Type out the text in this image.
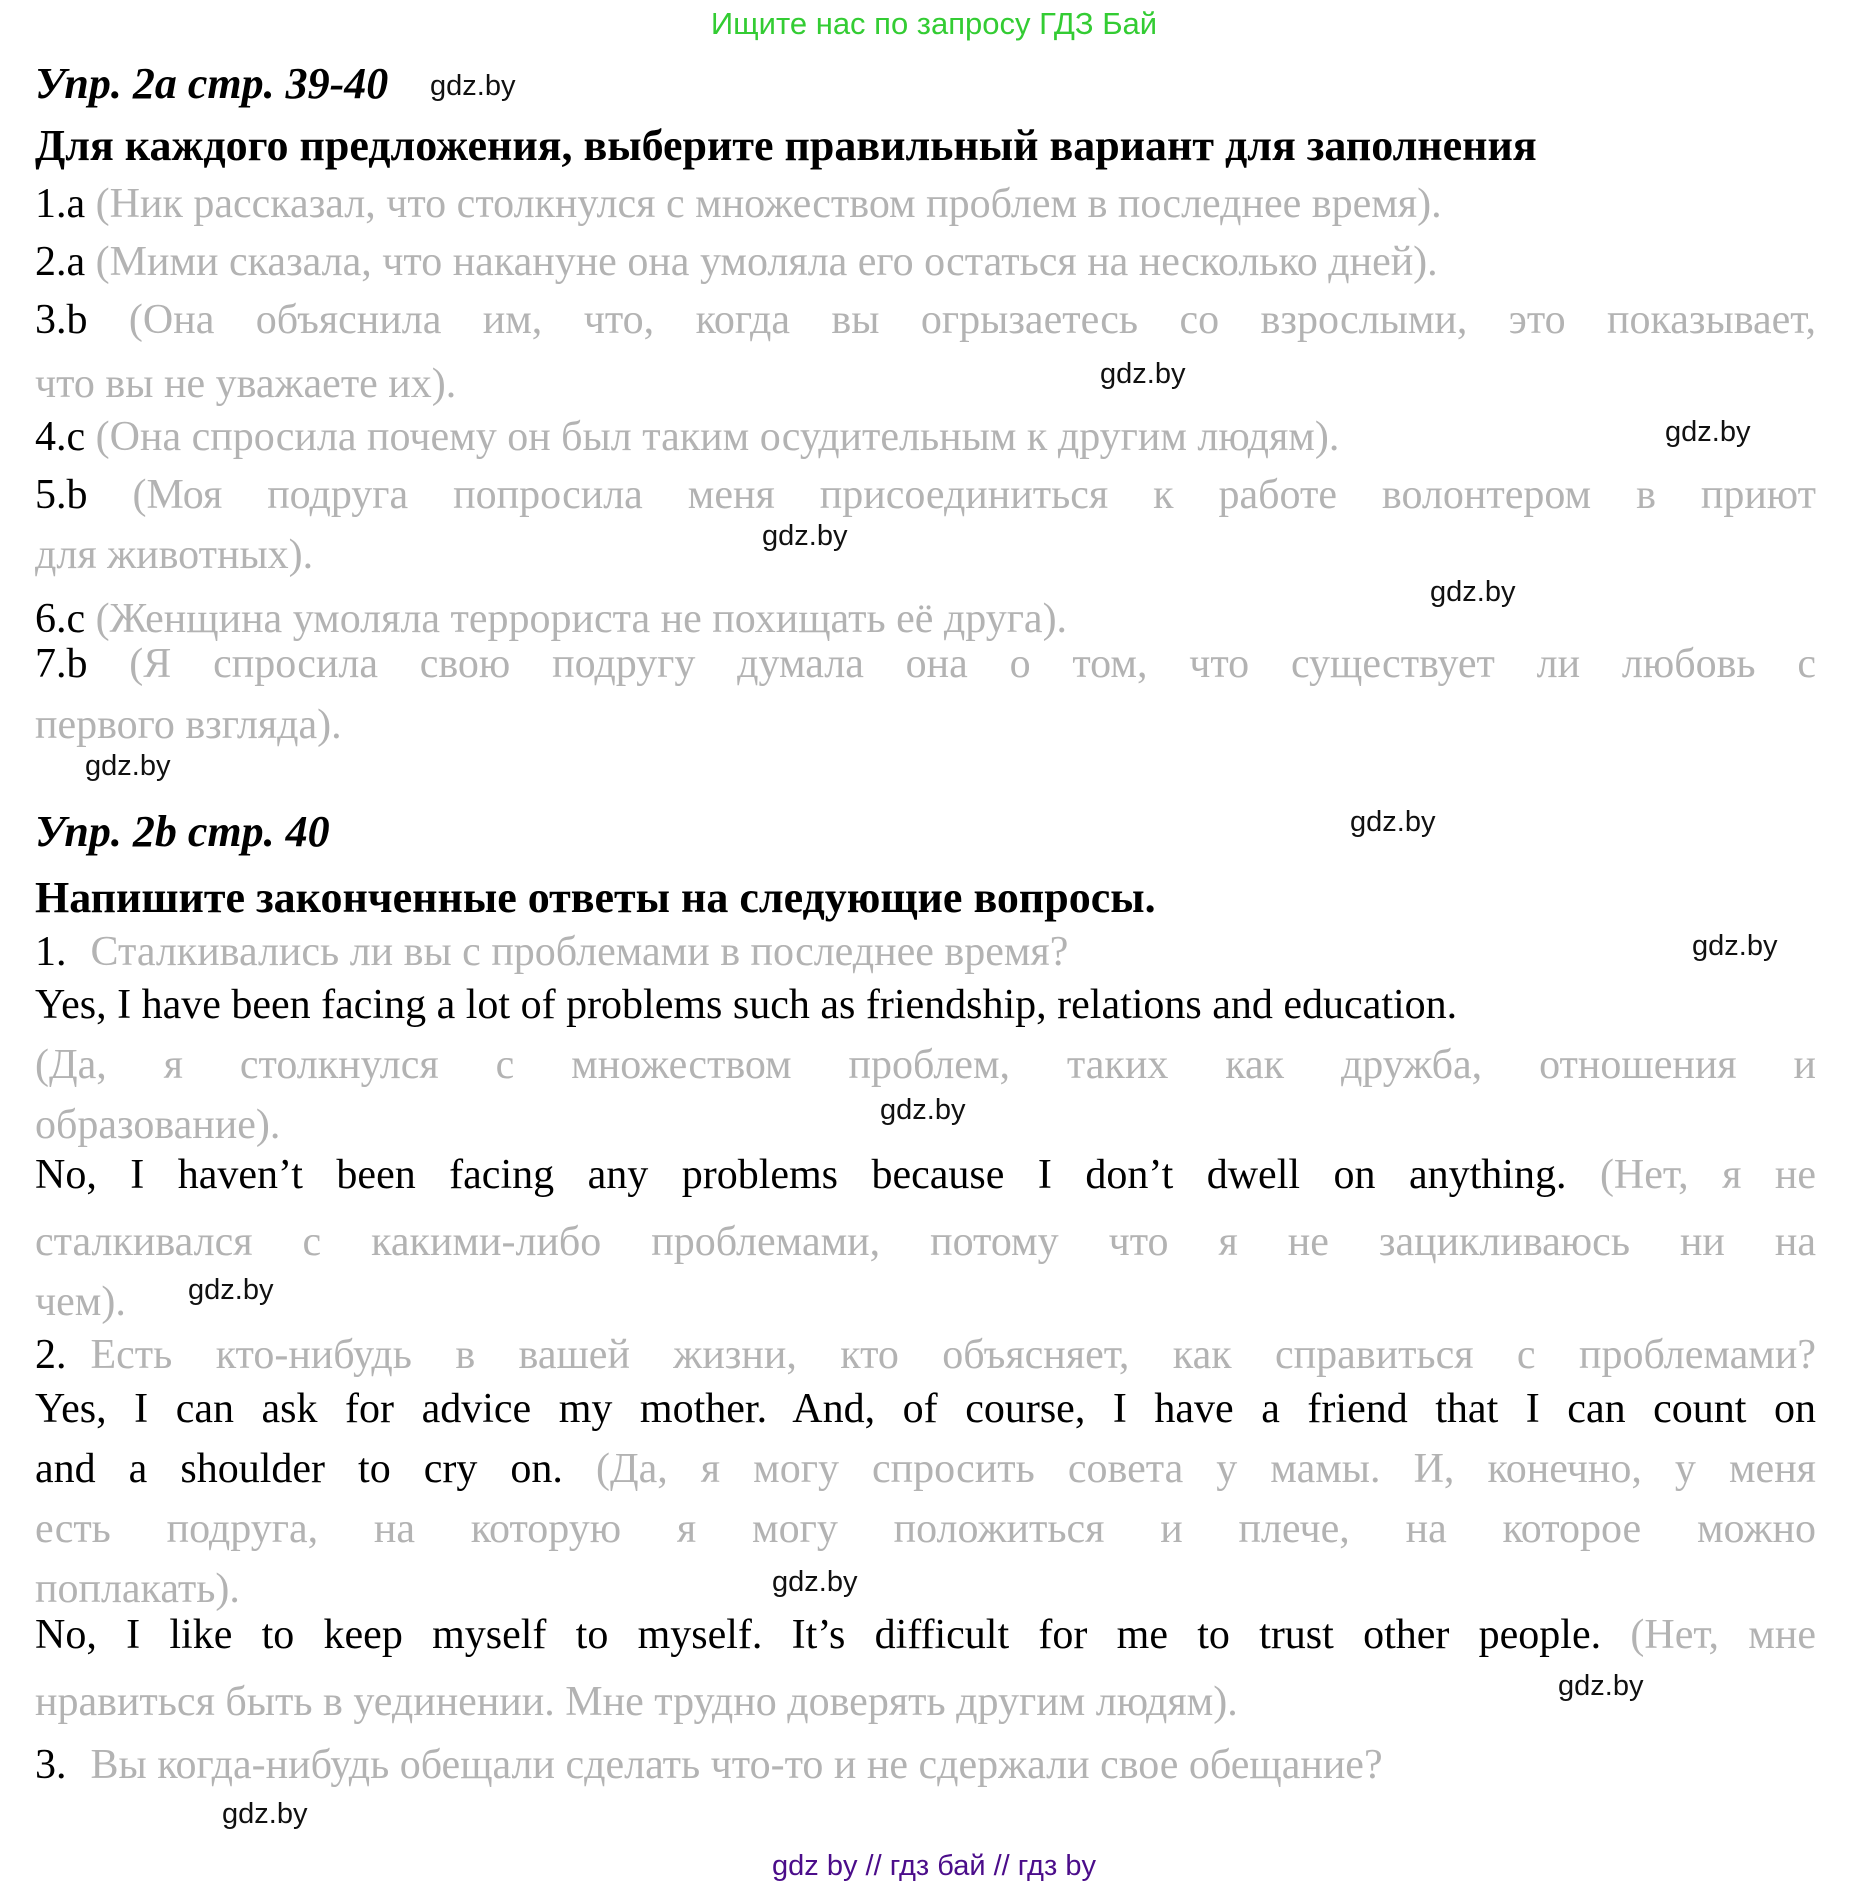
Ищите нас по запросу ГДЗ Бай
Упр. 2а стр. 39-40
Для каждого предложения, выберите правильный вариант для заполнения
1.a (Ник рассказал, что столкнулся с множеством проблем в последнее время).
2.a (Мими сказала, что накануне она умоляла его остаться на несколько дней).
3.b (Она объяснила им, что, когда вы огрызаетесь со взрослыми, это показывает,
что вы не уважаете их).
4.c (Она спросила почему он был таким осудительным к другим людям).
5.b (Моя подруга попросила меня присоединиться к работе волонтером в приют
для животных).
6.c (Женщина умоляла террориста не похищать её друга).
7.b (Я спросила свою подругу думала она о том, что существует ли любовь с
первого взгляда).
Упр. 2b стр. 40
Напишите законченные ответы на следующие вопросы.
1. Сталкивались ли вы с проблемами в последнее время?
Yes, I have been facing a lot of problems such as friendship, relations and education.
(Да, я столкнулся с множеством проблем, таких как дружба, отношения и
образование).
No, I haven’t been facing any problems because I don’t dwell on anything. (Нет, я не
сталкивался с какими-либо проблемами, потому что я не зацикливаюсь ни на
чем).
2. Есть кто-нибудь в вашей жизни, кто объясняет, как справиться с проблемами?
Yes, I can ask for advice my mother. And, of course, I have a friend that I can count on
and a shoulder to cry on. (Да, я могу спросить совета у мамы. И, конечно, у меня
есть подруга, на которую я могу положиться и плече, на которое можно
поплакать).
No, I like to keep myself to myself. It’s difficult for me to trust other people. (Нет, мне
нравиться быть в уединении. Мне трудно доверять другим людям).
3. Вы когда-нибудь обещали сделать что-то и не сдержали свое обещание?
gdz.by
gdz.by
gdz.by
gdz.by
gdz.by
gdz.by
gdz.by
gdz.by
gdz.by
gdz.by
gdz.by
gdz.by
gdz.by
gdz by // гдз бай // гдз by
